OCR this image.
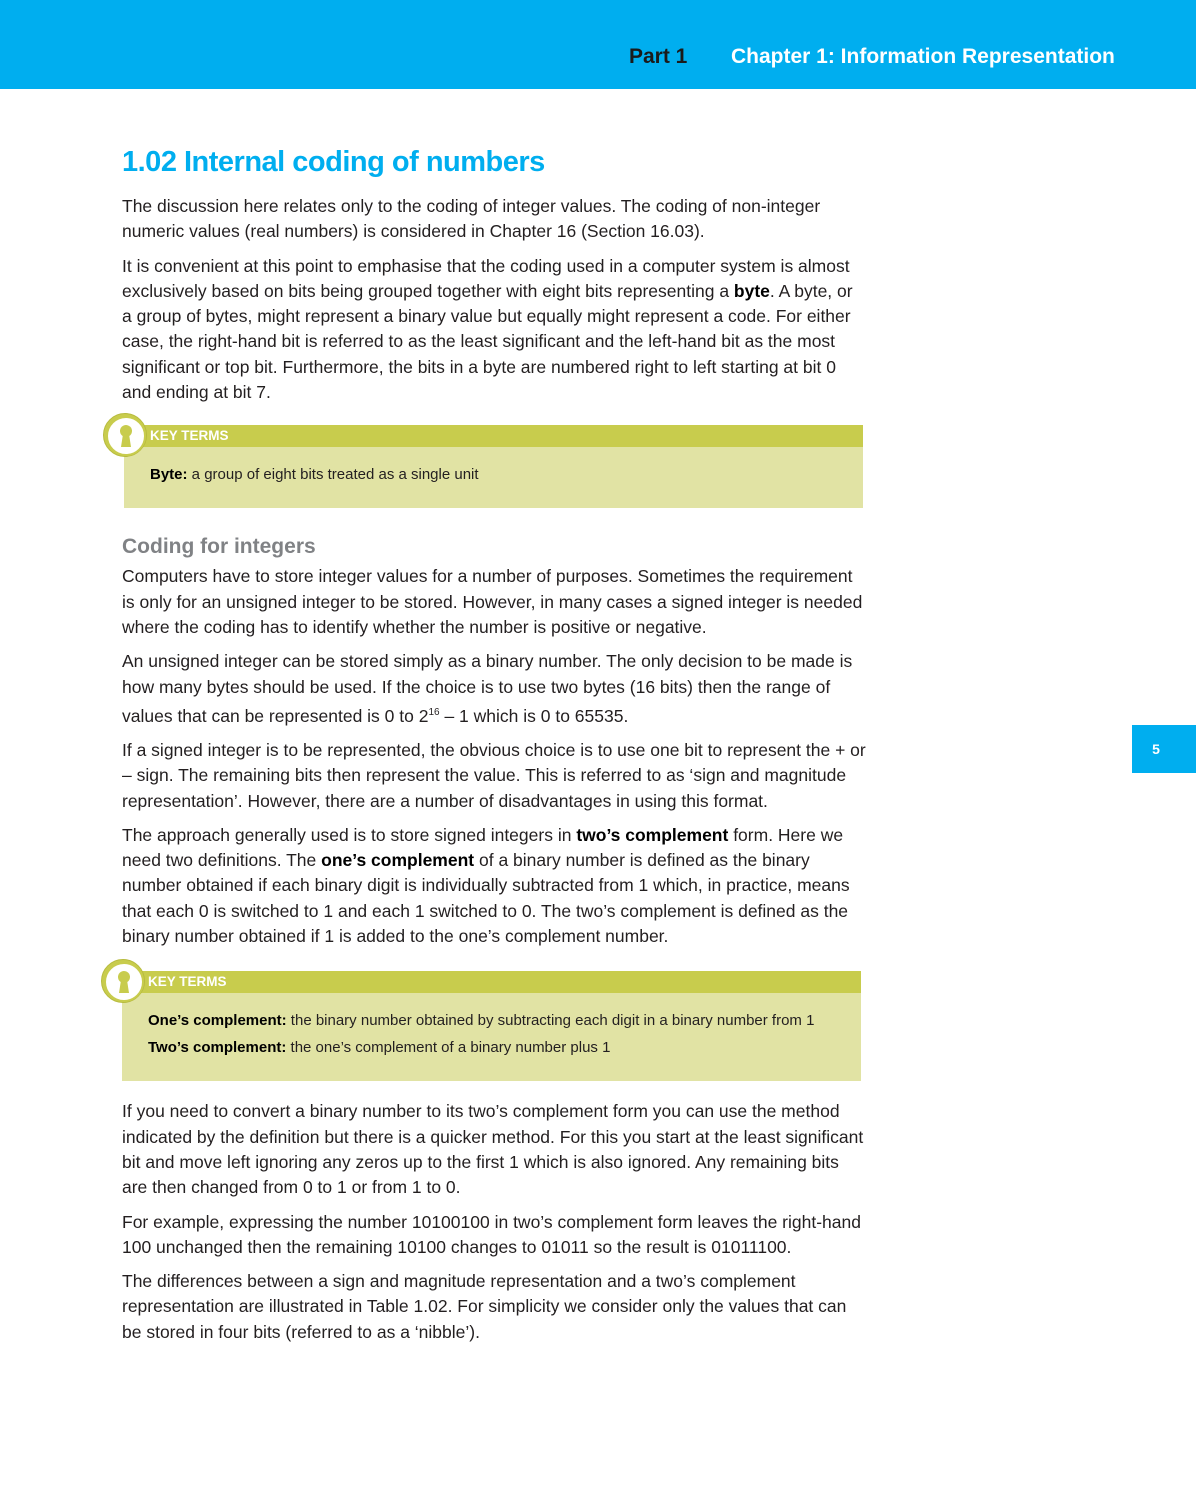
Part 1 Chapter 1: Information Representation
5
1.02 Internal coding of numbers

The discussion here relates only to the coding of integer values. The coding of non-integer numeric values (real numbers) is considered in Chapter 16 (Section 16.03).

It is convenient at this point to emphasise that the coding used in a computer system is almost exclusively based on bits being grouped together with eight bits representing a byte. A byte, or a group of bytes, might represent a binary value but equally might represent a code. For either case, the right-hand bit is referred to as the least significant and the left-hand bit as the most significant or top bit. Furthermore, the bits in a byte are numbered right to left starting at bit 0 and ending at bit 7.

KEY TERMS
Byte: a group of eight bits treated as a single unit
Coding for integers

Computers have to store integer values for a number of purposes. Sometimes the requirement is only for an unsigned integer to be stored. However, in many cases a signed integer is needed where the coding has to identify whether the number is positive or negative.

An unsigned integer can be stored simply as a binary number. The only decision to be made is how many bytes should be used. If the choice is to use two bytes (16 bits) then the range of values that can be represented is 0 to $2^{16} - 1$ which is 0 to 65535.

If a signed integer is to be represented, the obvious choice is to use one bit to represent the + or – sign. The remaining bits then represent the value. This is referred to as ‘sign and magnitude representation’. However, there are a number of disadvantages in using this format.

The approach generally used is to store signed integers in two’s complement form. Here we need two definitions. The one’s complement of a binary number is defined as the binary number obtained if each binary digit is individually subtracted from 1 which, in practice, means that each 0 is switched to 1 and each 1 switched to 0. The two’s complement is defined as the binary number obtained if 1 is added to the one’s complement number.

KEY TERMS
One’s complement: the binary number obtained by subtracting each digit in a binary number from 1
Two’s complement: the one’s complement of a binary number plus 1

If you need to convert a binary number to its two’s complement form you can use the method indicated by the definition but there is a quicker method. For this you start at the least significant bit and move left ignoring any zeros up to the first 1 which is also ignored. Any remaining bits are then changed from 0 to 1 or from 1 to 0.

For example, expressing the number 10100100 in two’s complement form leaves the right-hand 100 unchanged then the remaining 10100 changes to 01011 so the result is 01011100.

The differences between a sign and magnitude representation and a two’s complement representation are illustrated in Table 1.02. For simplicity we consider only the values that can be stored in four bits (referred to as a ‘nibble’).
